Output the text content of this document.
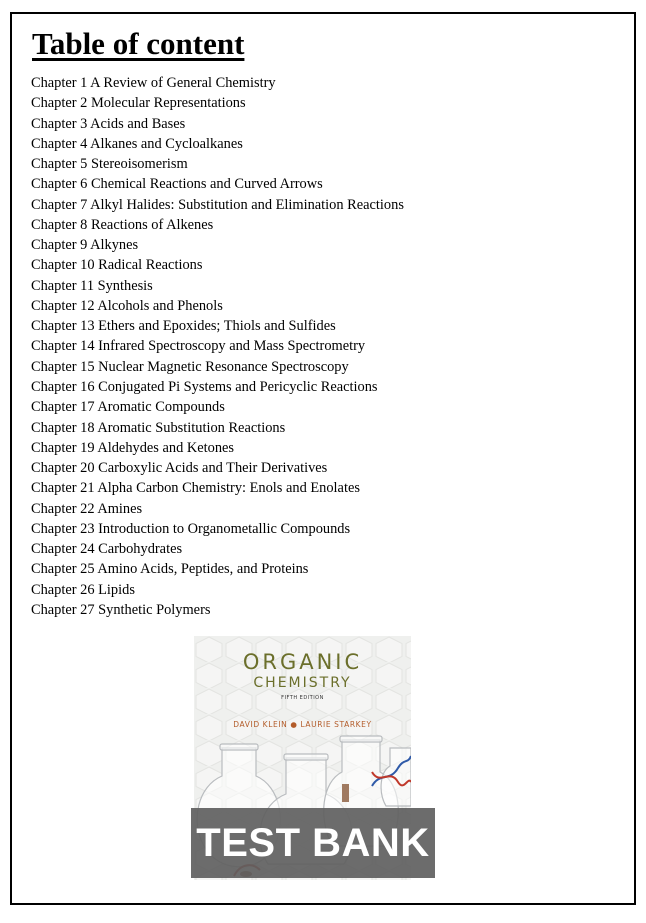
Table of content
Chapter 1 A Review of General Chemistry
Chapter 2 Molecular Representations
Chapter 3 Acids and Bases
Chapter 4 Alkanes and Cycloalkanes
Chapter 5 Stereoisomerism
Chapter 6 Chemical Reactions and Curved Arrows
Chapter 7 Alkyl Halides: Substitution and Elimination Reactions
Chapter 8 Reactions of Alkenes
Chapter 9 Alkynes
Chapter 10 Radical Reactions
Chapter 11 Synthesis
Chapter 12 Alcohols and Phenols
Chapter 13 Ethers and Epoxides; Thiols and Sulfides
Chapter 14 Infrared Spectroscopy and Mass Spectrometry
Chapter 15 Nuclear Magnetic Resonance Spectroscopy
Chapter 16 Conjugated Pi Systems and Pericyclic Reactions
Chapter 17 Aromatic Compounds
Chapter 18 Aromatic Substitution Reactions
Chapter 19 Aldehydes and Ketones
Chapter 20 Carboxylic Acids and Their Derivatives
Chapter 21 Alpha Carbon Chemistry: Enols and Enolates
Chapter 22 Amines
Chapter 23 Introduction to Organometallic Compounds
Chapter 24 Carbohydrates
Chapter 25 Amino Acids, Peptides, and Proteins
Chapter 26 Lipids
Chapter 27 Synthetic Polymers
ORGANIC
CHEMISTRY
FIFTH EDITION
DAVID KLEIN ● LAURIE STARKEY
TEST BANK
